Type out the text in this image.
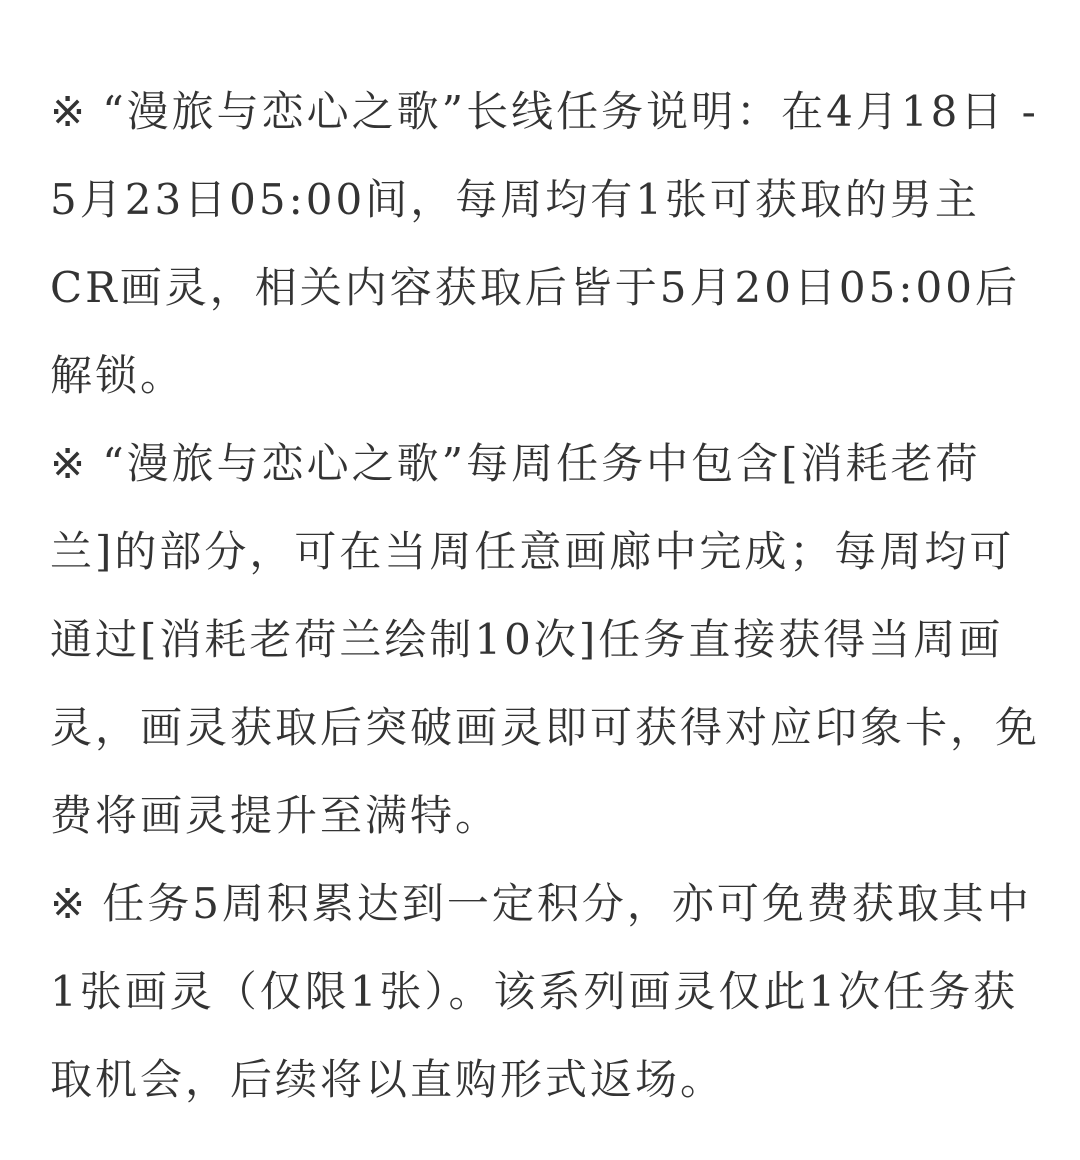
※ “漫旅与恋心之歌”长线任务说明：在4月18日 - 5月23日05:00间，每周均有1张可获取的男主CR画灵，相关内容获取后皆于5月20日05:00后解锁。

※ “漫旅与恋心之歌”每周任务中包含[消耗老荷兰]的部分，可在当周任意画廊中完成；每周均可通过[消耗老荷兰绘制10次]任务直接获得当周画灵，画灵获取后突破画灵即可获得对应印象卡，免费将画灵提升至满特。

※ 任务5周积累达到一定积分，亦可免费获取其中1张画灵（仅限1张）。该系列画灵仅此1次任务获取机会，后续将以直购形式返场。
